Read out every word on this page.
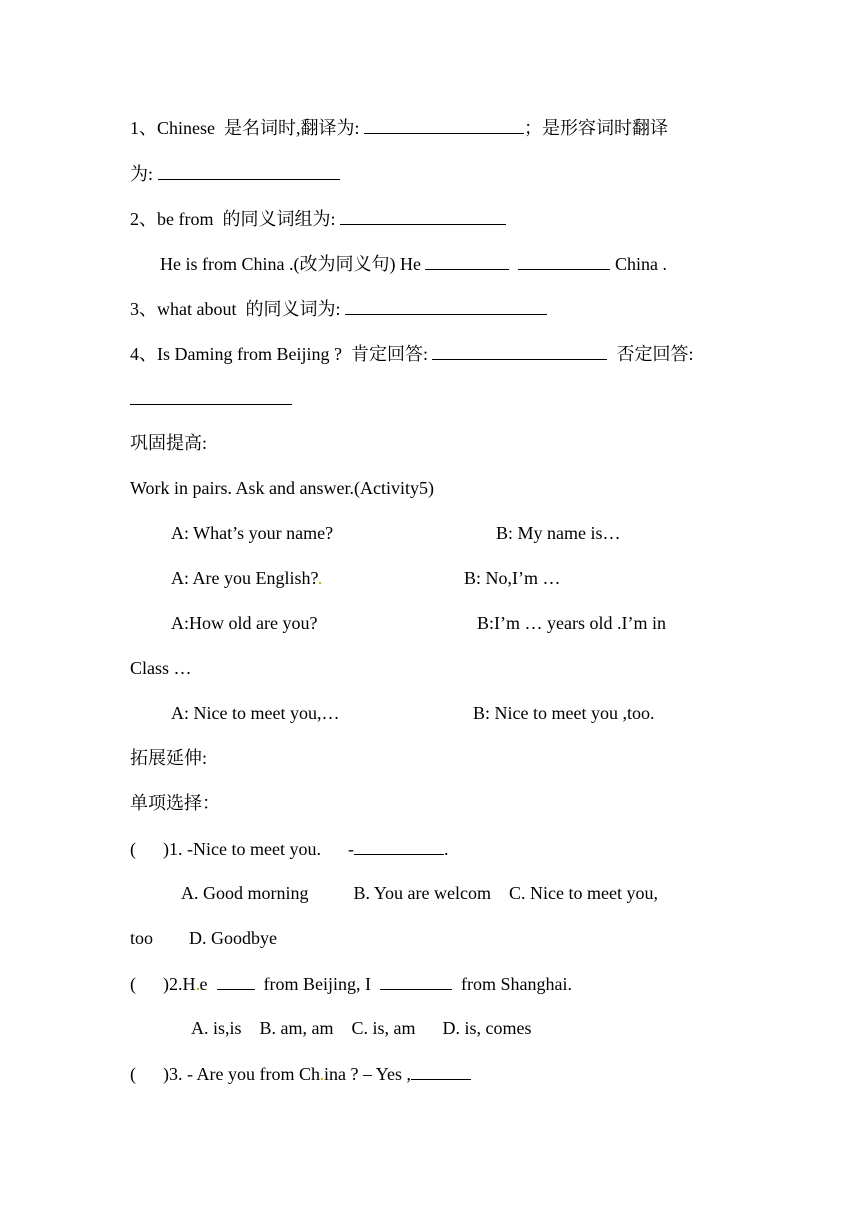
1、Chinese  是名词时,翻译为:	；是形容词时翻译
为:
2、be from  的同义词组为:
He is from China .(改为同义句) He	China .
3、what about  的同义词为:
4、Is Daming from Beijing ?  肯定回答:	否定回答:
巩固提高:
Work in pairs. Ask and answer.(Activity5)
A: What’s your name?	B: My name is…
A: Are you English?	B: No,I’m …
A:How old are you?	B:I’m … years old .I’m in
Class …
A: Nice to meet you,…	B: Nice to meet you ,too.
拓展延伸:
单项选择：
(      )1. -Nice to meet you.      -	.
A. Good morning          B. You are welcom    C. Nice to meet you,
too        D. Goodbye
(      )2.H e    from Beijing, I	from Shanghai.
A. is,is    B. am, am    C. is, am      D. is, comes
(      )3. - Are you from Ch ina ? – Yes ,
